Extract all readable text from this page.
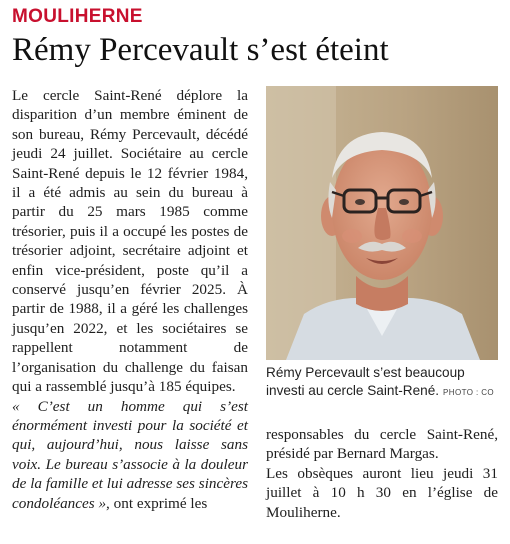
MOULIHERNE
Rémy Percevault s’est éteint

Le cercle Saint-René déplore la disparition d’un membre éminent de son bureau, Rémy Percevault, décédé jeudi 24 juillet. Sociétaire au cercle Saint-René depuis le 12 février 1984, il a été admis au sein du bureau à partir du 25 mars 1985 comme trésorier, puis il a occupé les postes de trésorier adjoint, secrétaire adjoint et enfin vice-président, poste qu’il a conservé jusqu’en février 2025. À partir de 1988, il a géré les challenges jusqu’en 2022, et les sociétaires se rappellent notamment de l’organisation du challenge du faisan qui a rassemblé jusqu’à 185 équipes.

« C’est un homme qui s’est énormément investi pour la société et qui, aujourd’hui, nous laisse sans voix. Le bureau s’associe à la douleur de la famille et lui adresse ses sincères condoléances », ont exprimé les

Rémy Percevault s’est beaucoup investi au cercle Saint-René. PHOTO : CO

responsables du cercle Saint-René, présidé par Bernard Margas.

Les obsèques auront lieu jeudi 31 juillet à 10 h 30 en l’église de Mouliherne.
